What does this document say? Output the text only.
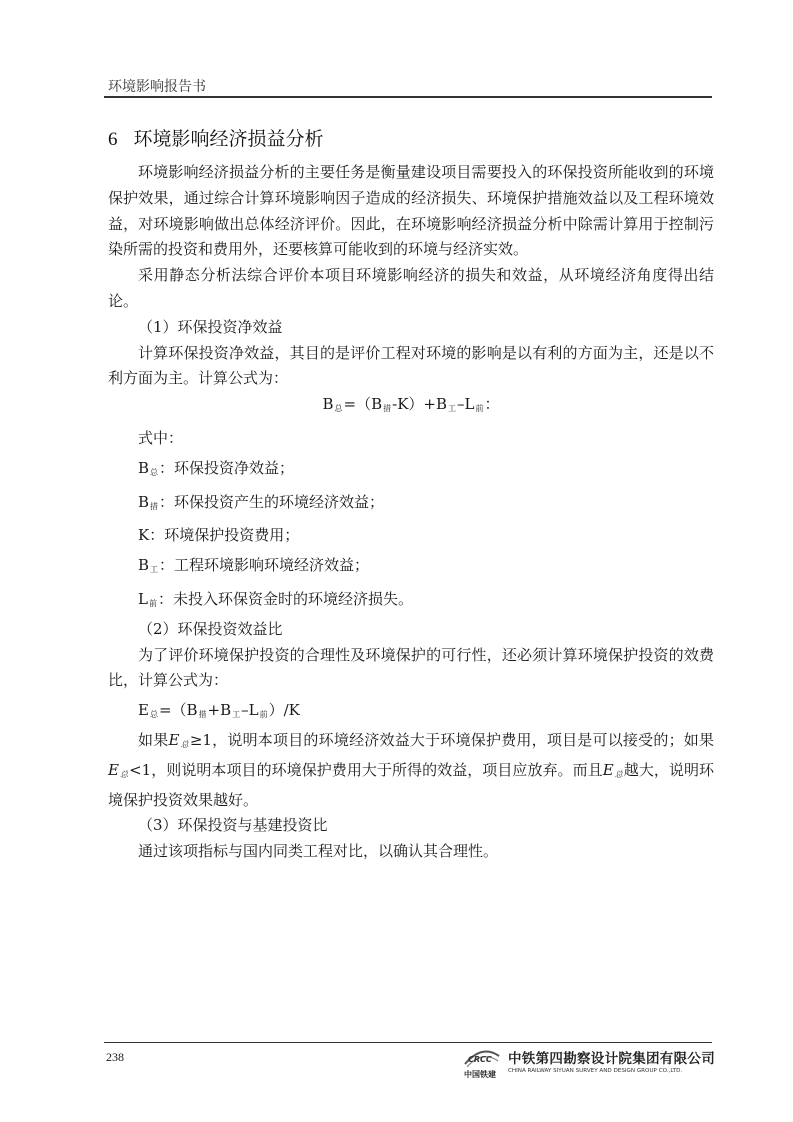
环境影响报告书
6 环境影响经济损益分析

环境影响经济损益分析的主要任务是衡量建设项目需要投入的环保投资所能收到的环境保护效果，通过综合计算环境影响因子造成的经济损失、环境保护措施效益以及工程环境效益，对环境影响做出总体经济评价。因此，在环境影响经济损益分析中除需计算用于控制污染所需的投资和费用外，还要核算可能收到的环境与经济实效。

采用静态分析法综合评价本项目环境影响经济的损失和效益，从环境经济角度得出结论。

（1）环保投资净效益

计算环保投资净效益，其目的是评价工程对环境的影响是以有利的方面为主，还是以不利方面为主。计算公式为：

$B_总=(B_措-K)+B_工-L_前$：

式中：

$B_总$：环保投资净效益；

$B_措$：环保投资产生的环境经济效益；

K：环境保护投资费用；

$B_工$：工程环境影响环境经济效益；

$L_前$：未投入环保资金时的环境经济损失。

（2）环保投资效益比

为了评价环境保护投资的合理性及环境保护的可行性，还必须计算环境保护投资的效费比，计算公式为：

$E_总=(B_措+B_工-L_前)/K$

如果$E_总\ge 1$，说明本项目的环境经济效益大于环境保护费用，项目是可以接受的；如果$E_总<1$，则说明本项目的环境保护费用大于所得的效益，项目应放弃。而且$E_总$越大，说明环境保护投资效果越好。

（3）环保投资与基建投资比

通过该项指标与国内同类工程对比，以确认其合理性。

238	CRCC
中国铁建
中铁第四勘察设计院集团有限公司
CHINA RAILWAY SIYUAN SURVEY AND DESIGN GROUP CO.,LTD.
